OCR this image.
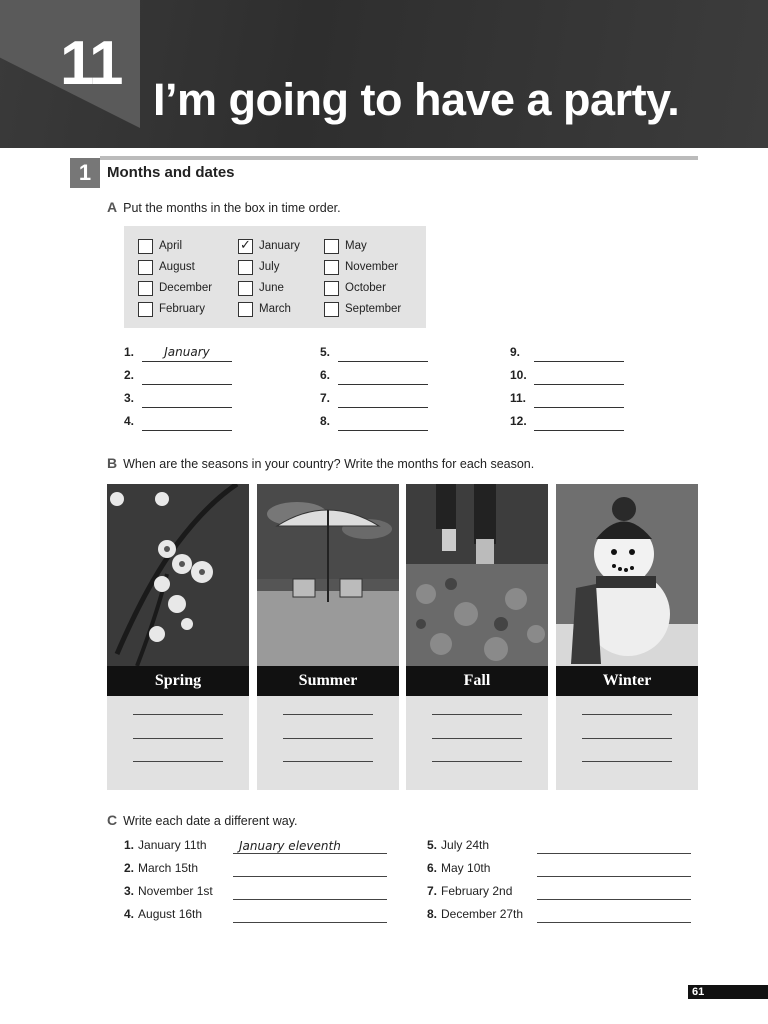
11
I’m going to have a party.
1	Months and dates
A Put the months in the box in time order.
April	✓ January	May
August	July	November
December	June	October
February	March	September
1.	January
2.
3.
4.
5.
6.
7.
8.
9.
10.
11.
12.
B When are the seasons in your country? Write the months for each season.
Spring	Summer	Fall	Winter
C Write each date a different way.
1. January 11th	January eleventh
2. March 15th
3. November 1st
4. August 16th
5. July 24th
6. May 10th
7. February 2nd
8. December 27th
61
